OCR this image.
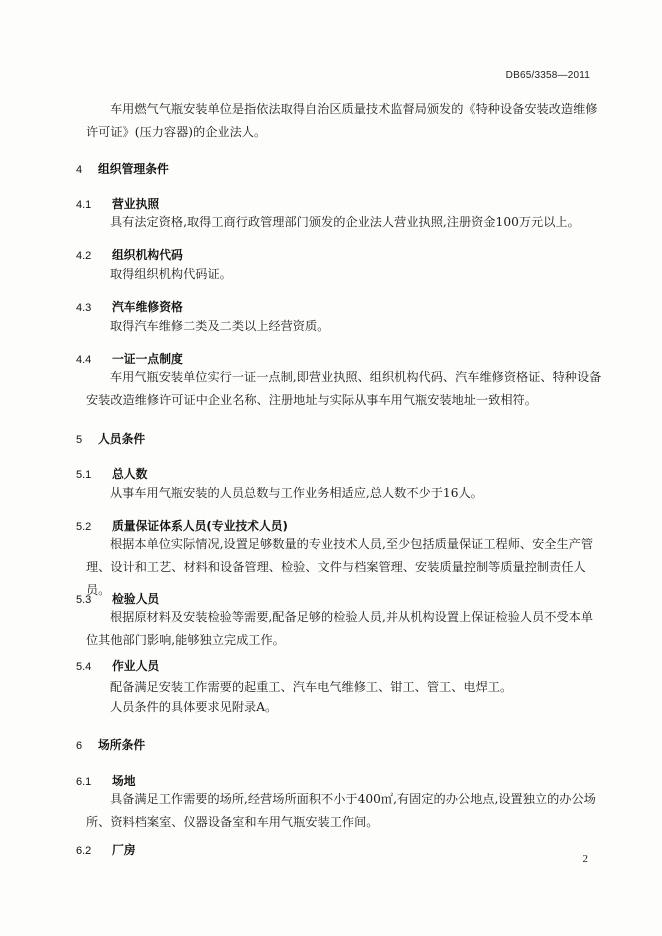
DB65/3358—2011

车用燃气气瓶安装单位是指依法取得自治区质量技术监督局颁发的《特种设备安装改造维修许可证》(压力容器)的企业法人。

4 组织管理条件
4.1 营业执照

具有法定资格,取得工商行政管理部门颁发的企业法人营业执照,注册资金100万元以上。

4.2 组织机构代码

取得组织机构代码证。

4.3 汽车维修资格

取得汽车维修二类及二类以上经营资质。

4.4 一证一点制度

车用气瓶安装单位实行一证一点制,即营业执照、组织机构代码、汽车维修资格证、特种设备安装改造维修许可证中企业名称、注册地址与实际从事车用气瓶安装地址一致相符。

5 人员条件
5.1 总人数

从事车用气瓶安装的人员总数与工作业务相适应,总人数不少于16人。

5.2 质量保证体系人员(专业技术人员)

根据本单位实际情况,设置足够数量的专业技术人员,至少包括质量保证工程师、安全生产管理、设计和工艺、材料和设备管理、检验、文件与档案管理、安装质量控制等质量控制责任人员。

5.3 检验人员

根据原材料及安装检验等需要,配备足够的检验人员,并从机构设置上保证检验人员不受本单位其他部门影响,能够独立完成工作。

5.4 作业人员

配备满足安装工作需要的起重工、汽车电气维修工、钳工、管工、电焊工。

人员条件的具体要求见附录A。

6 场所条件
6.1 场地

具备满足工作需要的场所,经营场所面积不小于400㎡,有固定的办公地点,设置独立的办公场所、资料档案室、仪器设备室和车用气瓶安装工作间。

6.2 厂房
2
